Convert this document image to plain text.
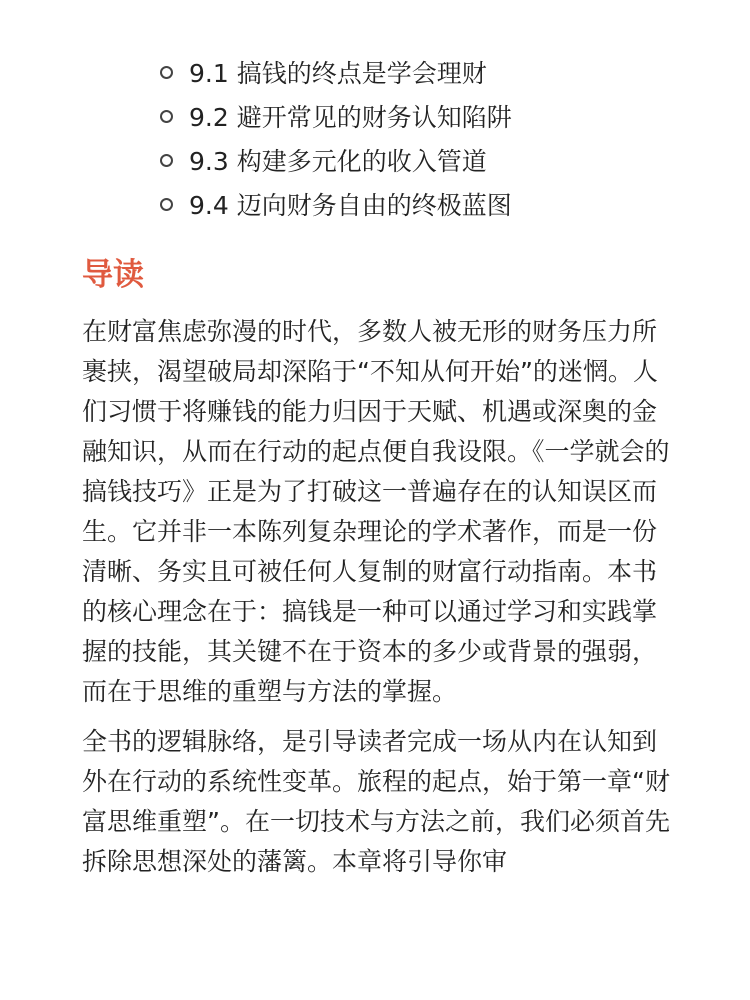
9.1 搞钱的终点是学会理财
9.2 避开常见的财务认知陷阱
9.3 构建多元化的收入管道
9.4 迈向财务自由的终极蓝图
导读

在财富焦虑弥漫的时代，多数人被无形的财务压力所裹挟，渴望破局却深陷于“不知从何开始”的迷惘。人们习惯于将赚钱的能力归因于天赋、机遇或深奥的金融知识，从而在行动的起点便自我设限。《一学就会的搞钱技巧》正是为了打破这一普遍存在的认知误区而生。它并非一本陈列复杂理论的学术著作，而是一份清晰、务实且可被任何人复制的财富行动指南。本书的核心理念在于：搞钱是一种可以通过学习和实践掌握的技能，其关键不在于资本的多少或背景的强弱，而在于思维的重塑与方法的掌握。

全书的逻辑脉络，是引导读者完成一场从内在认知到外在行动的系统性变革。旅程的起点，始于第一章“财富思维重塑”。在一切技术与方法之前，我们必须首先拆除思想深处的藩篱。本章将引导你审
